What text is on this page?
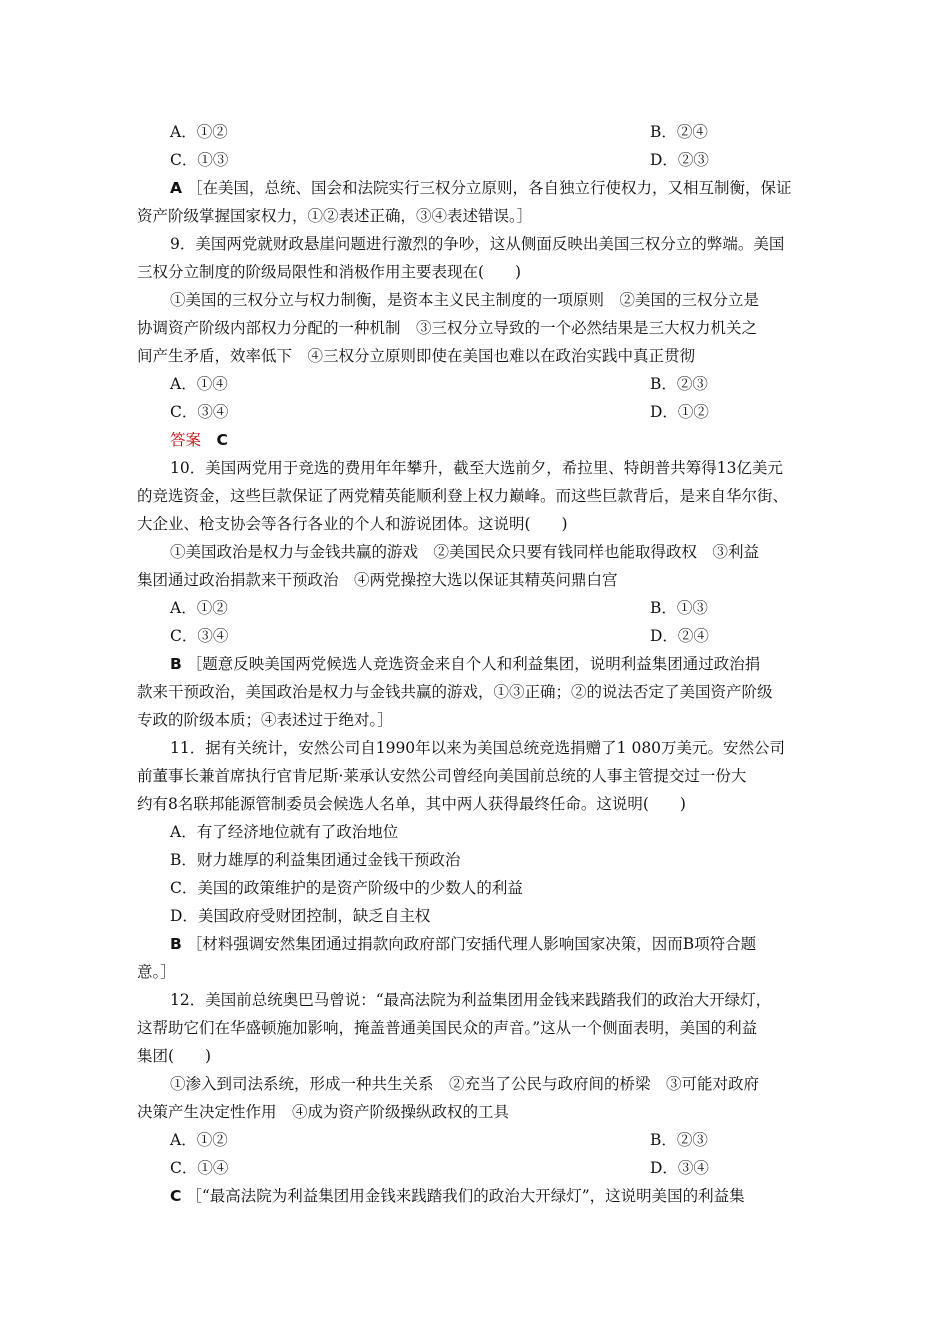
A．①②	B．②④
C．①③	D．②③
A ［在美国，总统、国会和法院实行三权分立原则，各自独立行使权力，又相互制衡，保证
资产阶级掌握国家权力，①②表述正确，③④表述错误。］
9．美国两党就财政悬崖问题进行激烈的争吵，这从侧面反映出美国三权分立的弊端。美国
三权分立制度的阶级局限性和消极作用主要表现在(　　)
①美国的三权分立与权力制衡，是资本主义民主制度的一项原则　②美国的三权分立是
协调资产阶级内部权力分配的一种机制　③三权分立导致的一个必然结果是三大权力机关之
间产生矛盾，效率低下　④三权分立原则即使在美国也难以在政治实践中真正贯彻
A．①④	B．②③
C．③④	D．①②
答案　 C
10．美国两党用于竞选的费用年年攀升，截至大选前夕，希拉里、特朗普共筹得13亿美元
的竞选资金，这些巨款保证了两党精英能顺利登上权力巅峰。而这些巨款背后，是来自华尔街、
大企业、枪支协会等各行各业的个人和游说团体。这说明(　　)
①美国政治是权力与金钱共赢的游戏　②美国民众只要有钱同样也能取得政权　③利益
集团通过政治捐款来干预政治　④两党操控大选以保证其精英问鼎白宫
A．①②	B．①③
C．③④	D．②④
B ［题意反映美国两党候选人竞选资金来自个人和利益集团，说明利益集团通过政治捐
款来干预政治，美国政治是权力与金钱共赢的游戏，①③正确；②的说法否定了美国资产阶级
专政的阶级本质；④表述过于绝对。］
11．据有关统计，安然公司自1990年以来为美国总统竞选捐赠了1 080万美元。安然公司
前董事长兼首席执行官肯尼斯·莱承认安然公司曾经向美国前总统的人事主管提交过一份大
约有8名联邦能源管制委员会候选人名单，其中两人获得最终任命。这说明(　　)
A．有了经济地位就有了政治地位
B．财力雄厚的利益集团通过金钱干预政治
C．美国的政策维护的是资产阶级中的少数人的利益
D．美国政府受财团控制，缺乏自主权
B ［材料强调安然集团通过捐款向政府部门安插代理人影响国家决策，因而B项符合题
意。］
12．美国前总统奥巴马曾说：“最高法院为利益集团用金钱来践踏我们的政治大开绿灯，
这帮助它们在华盛顿施加影响，掩盖普通美国民众的声音。”这从一个侧面表明，美国的利益
集团(　　)
①渗入到司法系统，形成一种共生关系　②充当了公民与政府间的桥梁　③可能对政府
决策产生决定性作用　④成为资产阶级操纵政权的工具
A．①②	B．②③
C．①④	D．③④
C ［“最高法院为利益集团用金钱来践踏我们的政治大开绿灯”，这说明美国的利益集
